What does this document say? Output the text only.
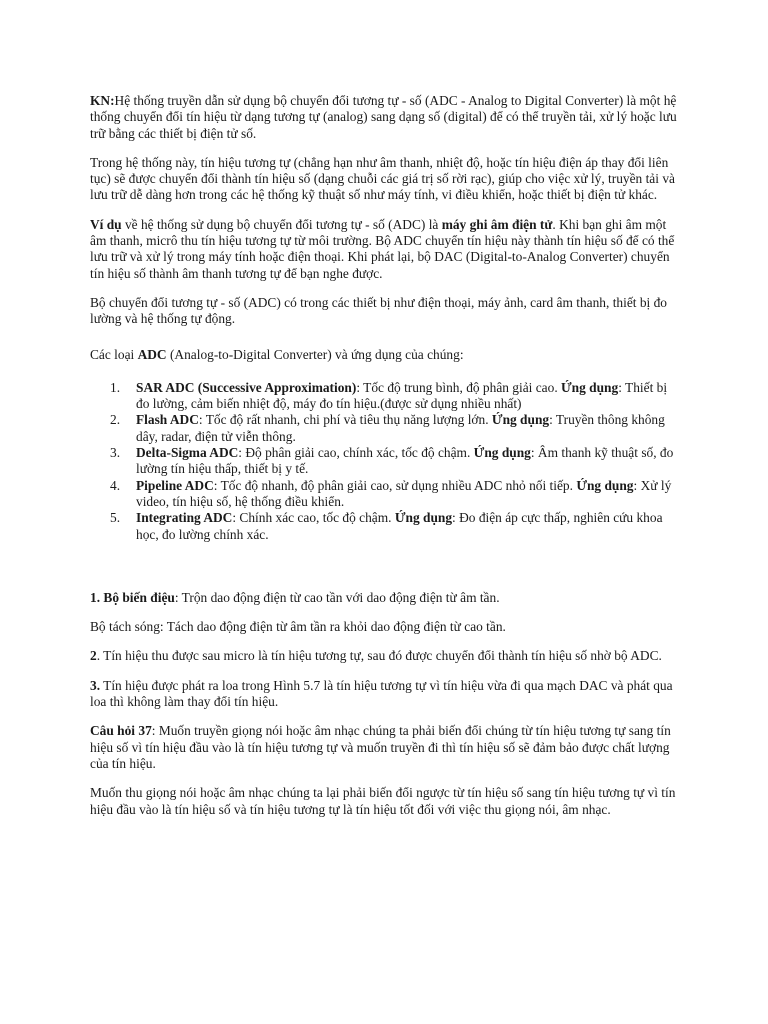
KN:Hệ thống truyền dẫn sử dụng bộ chuyển đổi tương tự - số (ADC - Analog to Digital Converter) là một hệ thống chuyển đổi tín hiệu từ dạng tương tự (analog) sang dạng số (digital) để có thể truyền tải, xử lý hoặc lưu trữ bằng các thiết bị điện tử số.

Trong hệ thống này, tín hiệu tương tự (chẳng hạn như âm thanh, nhiệt độ, hoặc tín hiệu điện áp thay đổi liên tục) sẽ được chuyển đổi thành tín hiệu số (dạng chuỗi các giá trị số rời rạc), giúp cho việc xử lý, truyền tải và lưu trữ dễ dàng hơn trong các hệ thống kỹ thuật số như máy tính, vi điều khiển, hoặc thiết bị điện tử khác.

Ví dụ về hệ thống sử dụng bộ chuyển đổi tương tự - số (ADC) là máy ghi âm điện tử. Khi bạn ghi âm một âm thanh, micrô thu tín hiệu tương tự từ môi trường. Bộ ADC chuyển tín hiệu này thành tín hiệu số để có thể lưu trữ và xử lý trong máy tính hoặc điện thoại. Khi phát lại, bộ DAC (Digital-to-Analog Converter) chuyển tín hiệu số thành âm thanh tương tự để bạn nghe được.

Bộ chuyển đổi tương tự - số (ADC) có trong các thiết bị như điện thoại, máy ảnh, card âm thanh, thiết bị đo lường và hệ thống tự động.

Các loại ADC (Analog-to-Digital Converter) và ứng dụng của chúng:

1. SAR ADC (Successive Approximation): Tốc độ trung bình, độ phân giải cao. Ứng dụng: Thiết bị đo lường, cảm biến nhiệt độ, máy đo tín hiệu.(được sử dụng nhiều nhất)
2. Flash ADC: Tốc độ rất nhanh, chi phí và tiêu thụ năng lượng lớn. Ứng dụng: Truyền thông không dây, radar, điện tử viễn thông.
3. Delta-Sigma ADC: Độ phân giải cao, chính xác, tốc độ chậm. Ứng dụng: Âm thanh kỹ thuật số, đo lường tín hiệu thấp, thiết bị y tế.
4. Pipeline ADC: Tốc độ nhanh, độ phân giải cao, sử dụng nhiều ADC nhỏ nối tiếp. Ứng dụng: Xử lý video, tín hiệu số, hệ thống điều khiển.
5. Integrating ADC: Chính xác cao, tốc độ chậm. Ứng dụng: Đo điện áp cực thấp, nghiên cứu khoa học, đo lường chính xác.

1. Bộ biến điệu: Trộn dao động điện từ cao tần với dao động điện từ âm tần.

Bộ tách sóng: Tách dao động điện từ âm tần ra khỏi dao động điện từ cao tần.

2. Tín hiệu thu được sau micro là tín hiệu tương tự, sau đó được chuyển đổi thành tín hiệu số nhờ bộ ADC.

3. Tín hiệu được phát ra loa trong Hình 5.7 là tín hiệu tương tự vì tín hiệu vừa đi qua mạch DAC và phát qua loa thì không làm thay đổi tín hiệu.

Câu hỏi 37: Muốn truyền giọng nói hoặc âm nhạc chúng ta phải biến đổi chúng từ tín hiệu tương tự sang tín hiệu số vì tín hiệu đầu vào là tín hiệu tương tự và muốn truyền đi thì tín hiệu số sẽ đảm bảo được chất lượng của tín hiệu.

Muốn thu giọng nói hoặc âm nhạc chúng ta lại phải biến đổi ngược từ tín hiệu số sang tín hiệu tương tự vì tín hiệu đầu vào là tín hiệu số và tín hiệu tương tự là tín hiệu tốt đối với việc thu giọng nói, âm nhạc.
